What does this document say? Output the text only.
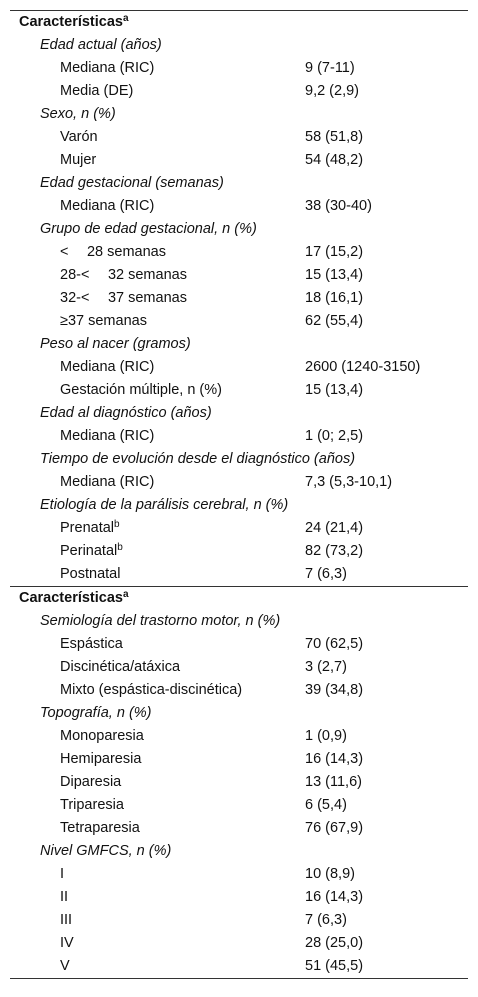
Características$^a$
Edad actual (años)
Mediana (RIC)	9 (7-11)
Media (DE)	9,2 (2,9)
Sexo, n (%)
Varón	58 (51,8)
Mujer	54 (48,2)
Edad gestacional (semanas)
Mediana (RIC)	38 (30-40)
Grupo de edad gestacional, n (%)
<  28 semanas	17 (15,2)
28-<  32 semanas	15 (13,4)
32-<  37 semanas	18 (16,1)
≥37 semanas	62 (55,4)
Peso al nacer (gramos)
Mediana (RIC)	2600 (1240-3150)
Gestación múltiple, n (%)	15 (13,4)
Edad al diagnóstico (años)
Mediana (RIC)	1 (0; 2,5)
Tiempo de evolución desde el diagnóstico (años)
Mediana (RIC)	7,3 (5,3-10,1)
Etiología de la parálisis cerebral, n (%)
Prenatal$^b$	24 (21,4)
Perinatal$^b$	82 (73,2)
Postnatal	7 (6,3)
Características$^a$
Semiología del trastorno motor, n (%)
Espástica	70 (62,5)
Discinética/atáxica	3 (2,7)
Mixto (espástica-discinética)	39 (34,8)
Topografía, n (%)
Monoparesia	1 (0,9)
Hemiparesia	16 (14,3)
Diparesia	13 (11,6)
Triparesia	6 (5,4)
Tetraparesia	76 (67,9)
Nivel GMFCS, n (%)
I	10 (8,9)
II	16 (14,3)
III	7 (6,3)
IV	28 (25,0)
V	51 (45,5)
